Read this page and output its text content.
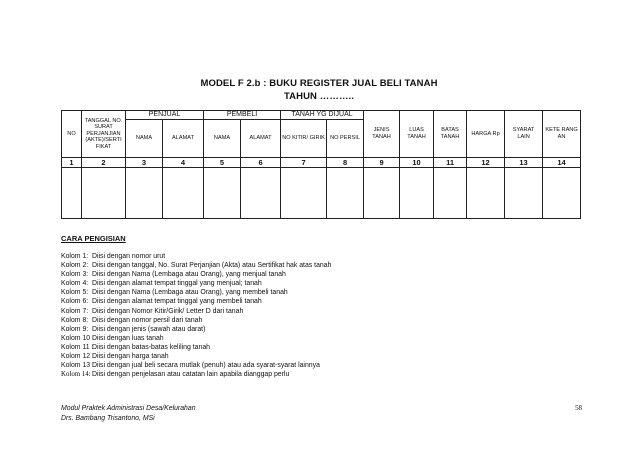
MODEL F 2.b : BUKU REGISTER JUAL BELI TANAH
TAHUN ………..
NO	TANGGAL NO. SURAT PERJANJIAN (AKTE)/SERTI FIKAT	PENJUAL		PEMBELI		TANAH YG DIJUAL		JENIS TANAH	LUAS TANAH	BATAS TANAH	HARGA Rp	SYARAT LAIN	KETE RANG AN
		NAMA	ALAMAT	NAMA	ALAMAT	NO KITIR/ GIRIK	NO PERSIL						
1	2	3	4	5	6	7	8	9	10	11	12	13	14

CARA PENGISIAN
Kolom 1: Diisi dengan nomor urut
Kolom 2: Diisi dengan tanggal, No. Surat Perjanjian (Akta) atau Sertifikat hak atas tanah
Kolom 3: Diisi dengan Nama (Lembaga atau Orang), yang menjual tanah
Kolom 4: Diisi dengan alamat tempat tinggal yang menjual; tanah
Kolom 5: Diisi dengan Nama (Lembaga atau Orang), yang membeli tanah
Kolom 6: Diisi dengan alamat tempat tinggal yang membeli tanah
Kolom 7: Diisi dengan Nomor Kitir/Girik/ Letter D dari tanah
Kolom 8: Diisi dengan nomor persil dari tanah
Kolom 9: Diisi dengan jenis (sawah atau darat)
Kolom 10 :Diisi dengan luas tanah
Kolom 11 :Diisi dengan batas-batas keliling tanah
Kolom 12 :Diisi dengan harga tanah
Kolom 13 :Diisi dengan jual beli secara mutlak (penuh) atau ada syarat-syarat lainnya
Kolom 14:Diisi dengan penjelasan atau catatan lain apabila dianggap perlu
Modul Praktek Administrasi Desa/Kelurahan
Drs. Bambang Trisantono, MSi
58
